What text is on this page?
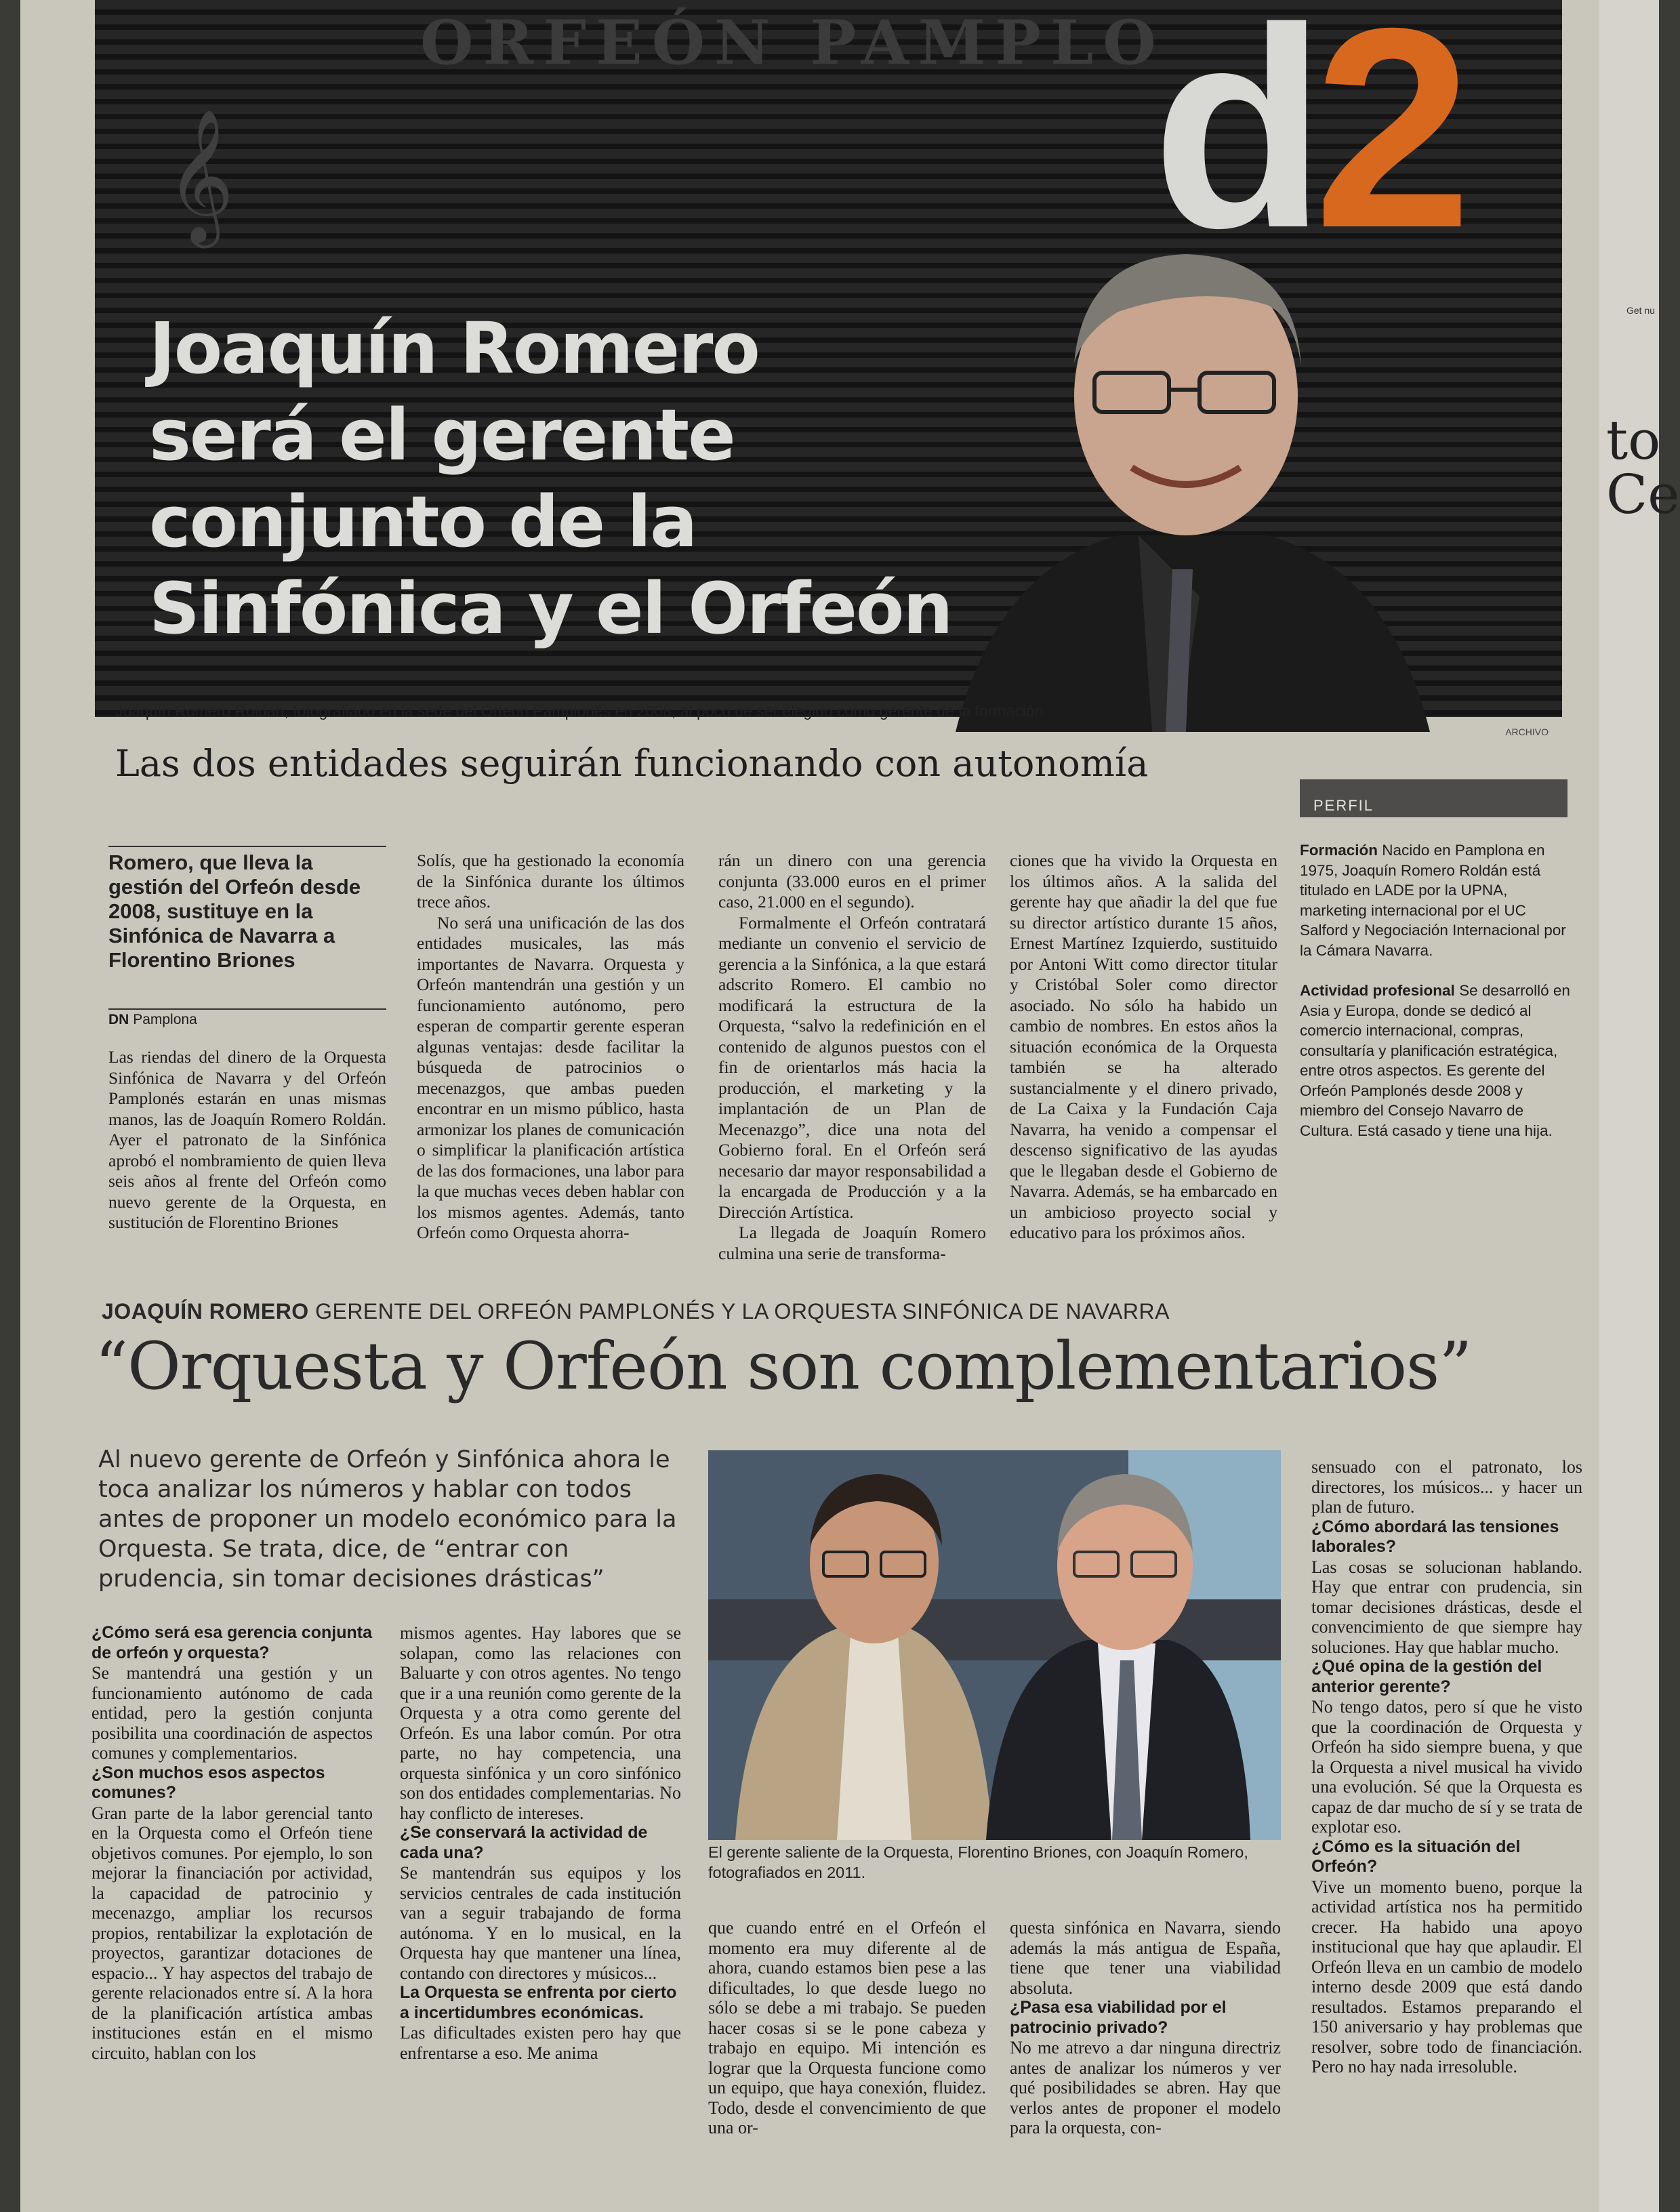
ORFEÓN PAMPLO
𝄞
Joaquín Romero
será el gerente
conjunto de la
Sinfónica y el Orfeón
d2
Joaquín Romero Roldán, fotografiado en la sede del Orfeón Pamplonés en 2008, al poco de ser elegido como gerente de la formación.
ARCHIVO
Las dos entidades seguirán funcionando con autonomía
Romero, que lleva la gestión del Orfeón desde 2008, sustituye en la Sinfónica de Navarra a Florentino Briones
DN Pamplona

Las riendas del dinero de la Orquesta Sinfónica de Navarra y del Orfeón Pamplonés estarán en unas mismas manos, las de Joaquín Romero Roldán. Ayer el patronato de la Sinfónica aprobó el nombramiento de quien lleva seis años al frente del Orfeón como nuevo gerente de la Orquesta, en sustitución de Florentino Briones

Solís, que ha gestionado la economía de la Sinfónica durante los últimos trece años.

No será una unificación de las dos entidades musicales, las más importantes de Navarra. Orquesta y Orfeón mantendrán una gestión y un funcionamiento autónomo, pero esperan de compartir gerente esperan algunas ventajas: desde facilitar la búsqueda de patrocinios o mecenazgos, que ambas pueden encontrar en un mismo público, hasta armonizar los planes de comunicación o simplificar la planificación artística de las dos formaciones, una labor para la que muchas veces deben hablar con los mismos agentes. Además, tanto Orfeón como Orquesta ahorra-

rán un dinero con una gerencia conjunta (33.000 euros en el primer caso, 21.000 en el segundo).

Formalmente el Orfeón contratará mediante un convenio el servicio de gerencia a la Sinfónica, a la que estará adscrito Romero. El cambio no modificará la estructura de la Orquesta, “salvo la redefinición en el contenido de algunos puestos con el fin de orientarlos más hacia la producción, el marketing y la implantación de un Plan de Mecenazgo”, dice una nota del Gobierno foral. En el Orfeón será necesario dar mayor responsabilidad a la encargada de Producción y a la Dirección Artística.

La llegada de Joaquín Romero culmina una serie de transforma-

ciones que ha vivido la Orquesta en los últimos años. A la salida del gerente hay que añadir la del que fue su director artístico durante 15 años, Ernest Martínez Izquierdo, sustituido por Antoni Witt como director titular y Cristóbal Soler como director asociado. No sólo ha habido un cambio de nombres. En estos años la situación económica de la Orquesta también se ha alterado sustancialmente y el dinero privado, de La Caixa y la Fundación Caja Navarra, ha venido a compensar el descenso significativo de las ayudas que le llegaban desde el Gobierno de Navarra. Además, se ha embarcado en un ambicioso proyecto social y educativo para los próximos años.

PERFIL

Formación Nacido en Pamplona en 1975, Joaquín Romero Roldán está titulado en LADE por la UPNA, marketing internacional por el UC Salford y Negociación Internacional por la Cámara Navarra.

Actividad profesional Se desarrolló en Asia y Europa, donde se dedicó al comercio internacional, compras, consultaría y planificación estratégica, entre otros aspectos. Es gerente del Orfeón Pamplonés desde 2008 y miembro del Consejo Navarro de Cultura. Está casado y tiene una hija.

JOAQUÍN ROMERO GERENTE DEL ORFEÓN PAMPLONÉS Y LA ORQUESTA SINFÓNICA DE NAVARRA
“Orquesta y Orfeón son complementarios”
Al nuevo gerente de Orfeón y Sinfónica ahora le toca analizar los números y hablar con todos antes de proponer un modelo económico para la Orquesta. Se trata, dice, de “entrar con prudencia, sin tomar decisiones drásticas”
¿Cómo será esa gerencia conjunta de orfeón y orquesta?
Se mantendrá una gestión y un funcionamiento autónomo de cada entidad, pero la gestión conjunta posibilita una coordinación de aspectos comunes y complementarios.
¿Son muchos esos aspectos comunes?
Gran parte de la labor gerencial tanto en la Orquesta como el Orfeón tiene objetivos comunes. Por ejemplo, lo son mejorar la financiación por actividad, la capacidad de patrocinio y mecenazgo, ampliar los recursos propios, rentabilizar la explotación de proyectos, garantizar dotaciones de espacio... Y hay aspectos del trabajo de gerente relacionados entre sí. A la hora de la planificación artística ambas instituciones están en el mismo circuito, hablan con los
mismos agentes. Hay labores que se solapan, como las relaciones con Baluarte y con otros agentes. No tengo que ir a una reunión como gerente de la Orquesta y a otra como gerente del Orfeón. Es una labor común. Por otra parte, no hay competencia, una orquesta sinfónica y un coro sinfónico son dos entidades complementarias. No hay conflicto de intereses.
¿Se conservará la actividad de cada una?
Se mantendrán sus equipos y los servicios centrales de cada institución van a seguir trabajando de forma autónoma. Y en lo musical, en la Orquesta hay que mantener una línea, contando con directores y músicos...
La Orquesta se enfrenta por cierto a incertidumbres económicas.
Las dificultades existen pero hay que enfrentarse a eso. Me anima
El gerente saliente de la Orquesta, Florentino Briones, con Joaquín Romero, fotografiados en 2011.
que cuando entré en el Orfeón el momento era muy diferente al de ahora, cuando estamos bien pese a las dificultades, lo que desde luego no sólo se debe a mi trabajo. Se pueden hacer cosas si se le pone cabeza y trabajo en equipo. Mi intención es lograr que la Orquesta funcione como un equipo, que haya conexión, fluidez. Todo, desde el convencimiento de que una or-
questa sinfónica en Navarra, siendo además la más antigua de España, tiene que tener una viabilidad absoluta.
¿Pasa esa viabilidad por el patrocinio privado?
No me atrevo a dar ninguna directriz antes de analizar los números y ver qué posibilidades se abren. Hay que verlos antes de proponer el modelo para la orquesta, con-
sensuado con el patronato, los directores, los músicos... y hacer un plan de futuro.
¿Cómo abordará las tensiones laborales?
Las cosas se solucionan hablando. Hay que entrar con prudencia, sin tomar decisiones drásticas, desde el convencimiento de que siempre hay soluciones. Hay que hablar mucho.
¿Qué opina de la gestión del anterior gerente?
No tengo datos, pero sí que he visto que la coordinación de Orquesta y Orfeón ha sido siempre buena, y que la Orquesta a nivel musical ha vivido una evolución. Sé que la Orquesta es capaz de dar mucho de sí y se trata de explotar eso.
¿Cómo es la situación del Orfeón?
Vive un momento bueno, porque la actividad artística nos ha permitido crecer. Ha habido una apoyo institucional que hay que aplaudir. El Orfeón lleva en un cambio de modelo interno desde 2009 que está dando resultados. Estamos preparando el 150 aniversario y hay problemas que resolver, sobre todo de financiación. Pero no hay nada irresoluble.
Get nu
to Ce
